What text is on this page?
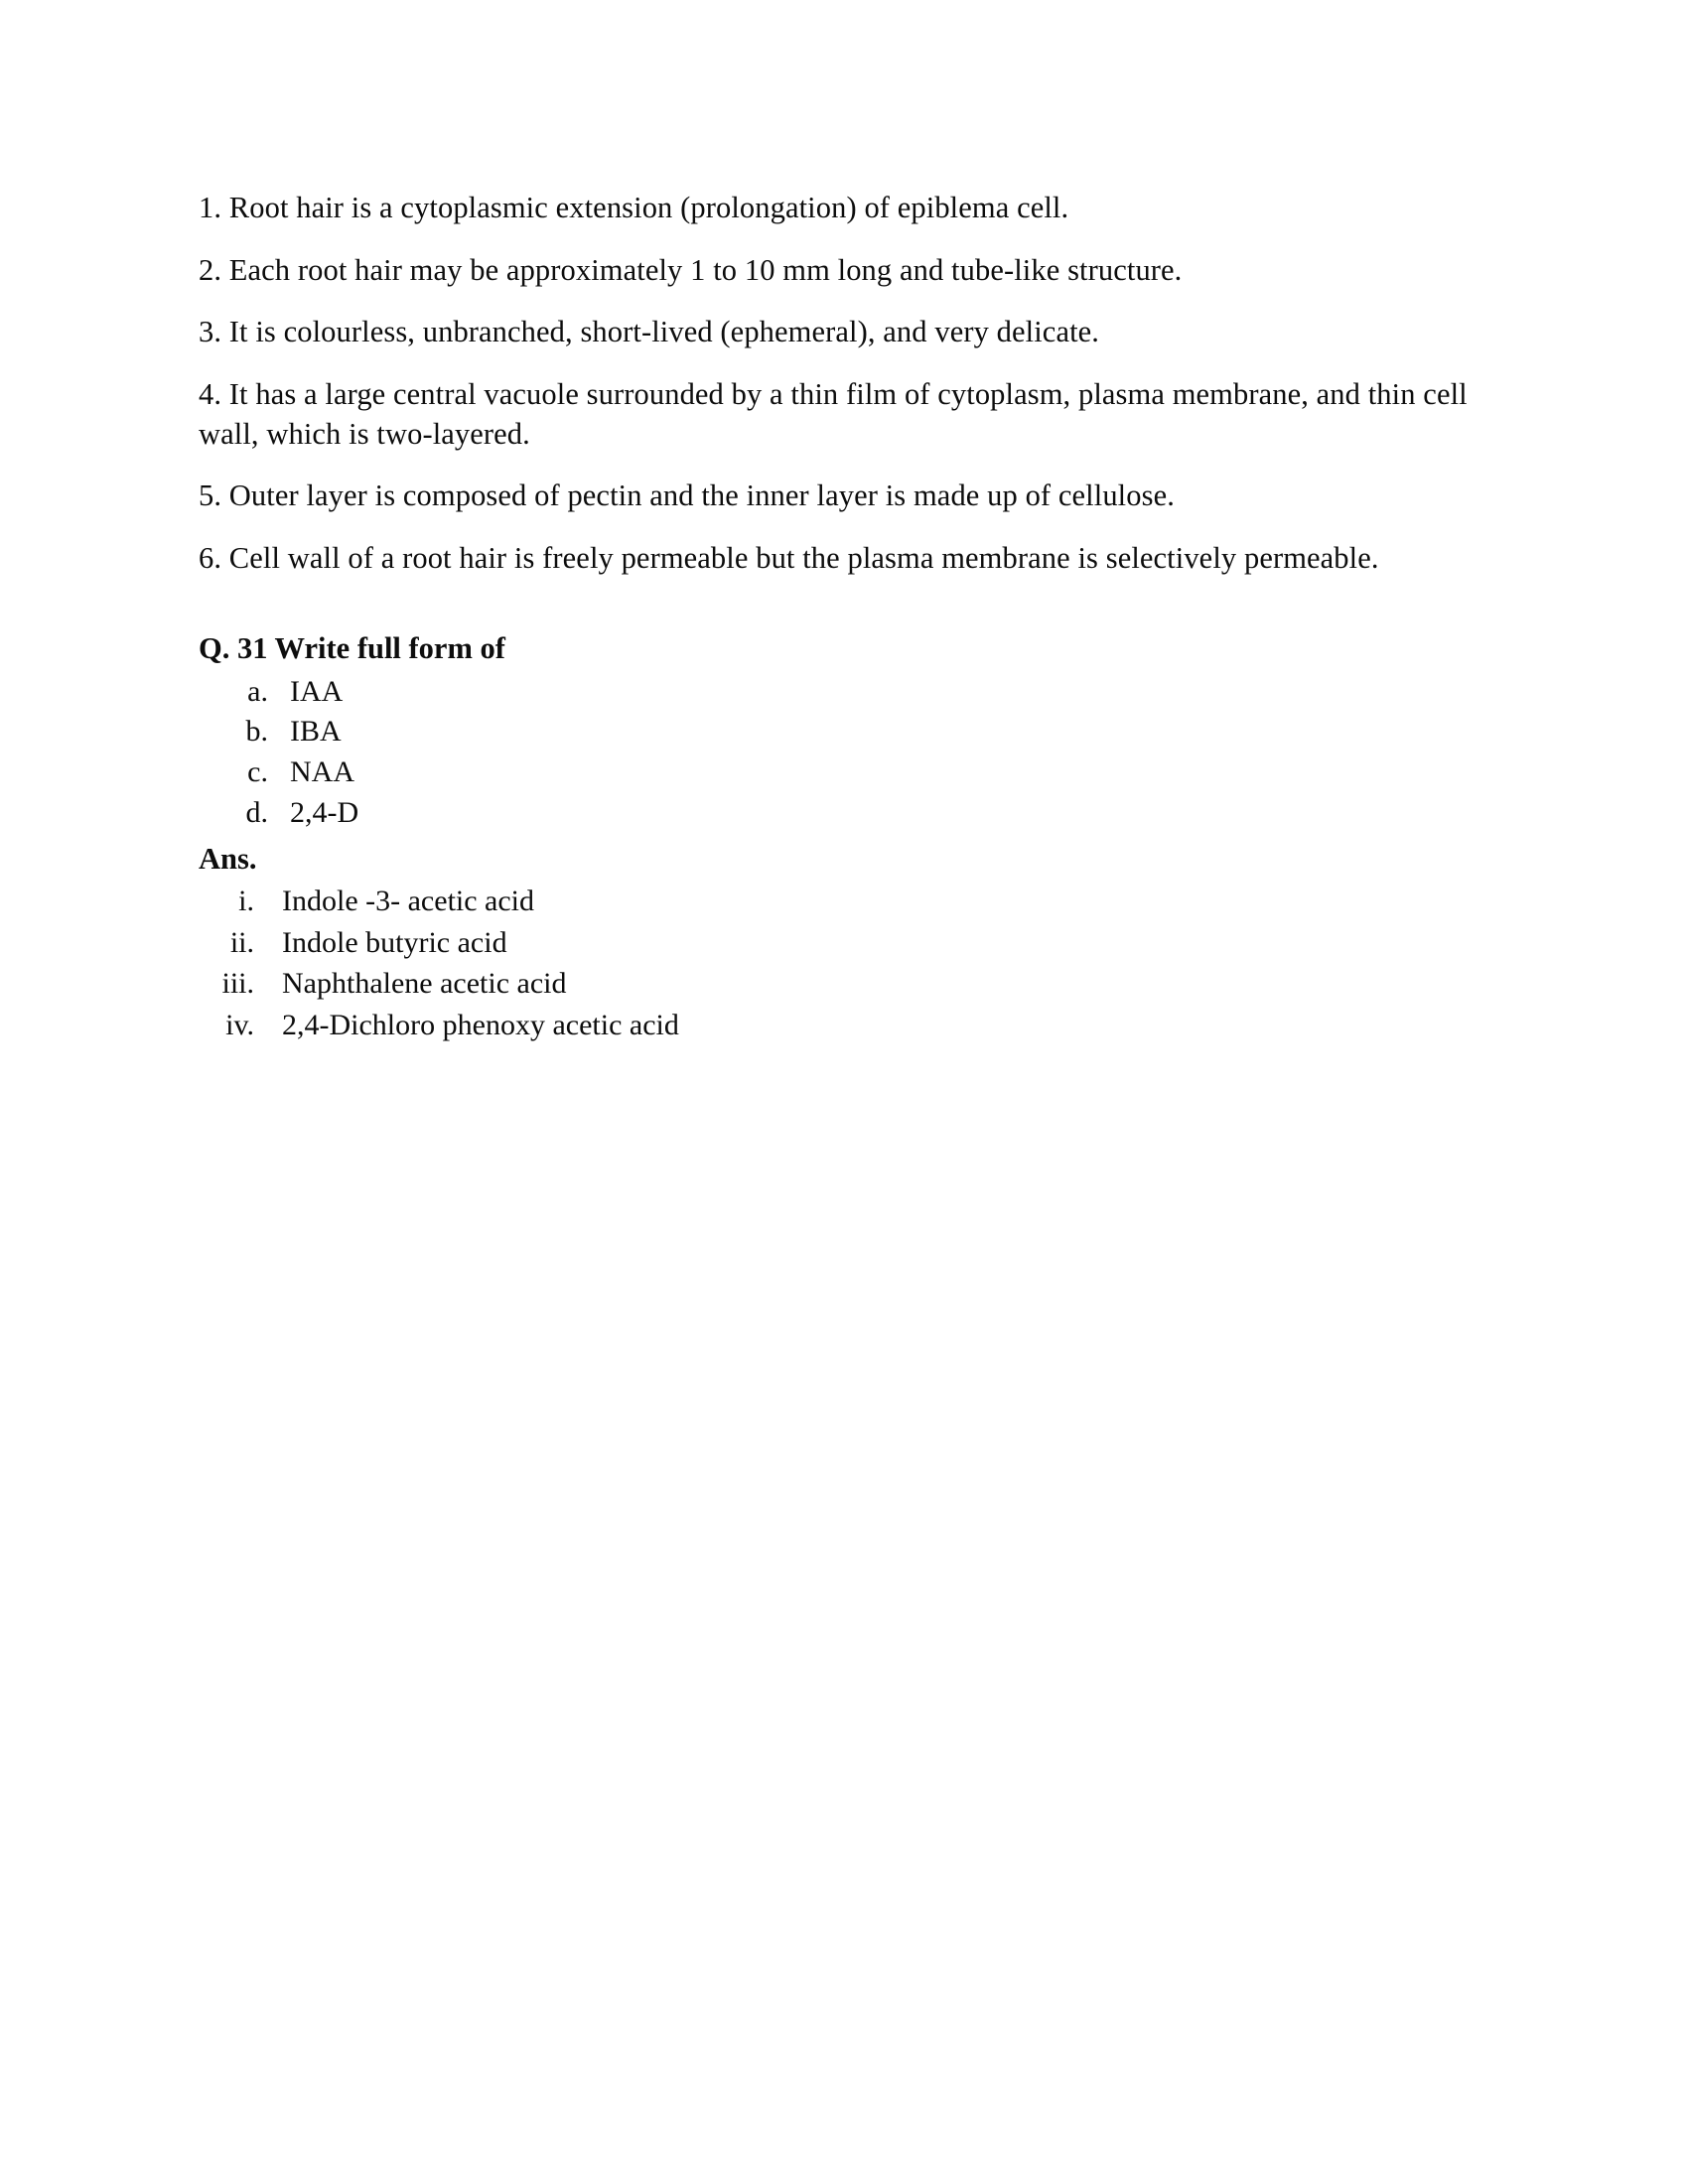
1. Root hair is a cytoplasmic extension (prolongation) of epiblema cell.

2. Each root hair may be approximately 1 to 10 mm long and tube-like structure.

3. It is colourless, unbranched, short-lived (ephemeral), and very delicate.

4. It has a large central vacuole surrounded by a thin film of cytoplasm, plasma membrane, and thin cell wall, which is two-layered.

5. Outer layer is composed of pectin and the inner layer is made up of cellulose.

6. Cell wall of a root hair is freely permeable but the plasma membrane is selectively permeable.

Q. 31 Write full form of

a. IAA
b. IBA
c. NAA
d. 2,4-D

Ans.

i. Indole -3- acetic acid
ii. Indole butyric acid
iii. Naphthalene acetic acid
iv. 2,4-Dichloro phenoxy acetic acid
